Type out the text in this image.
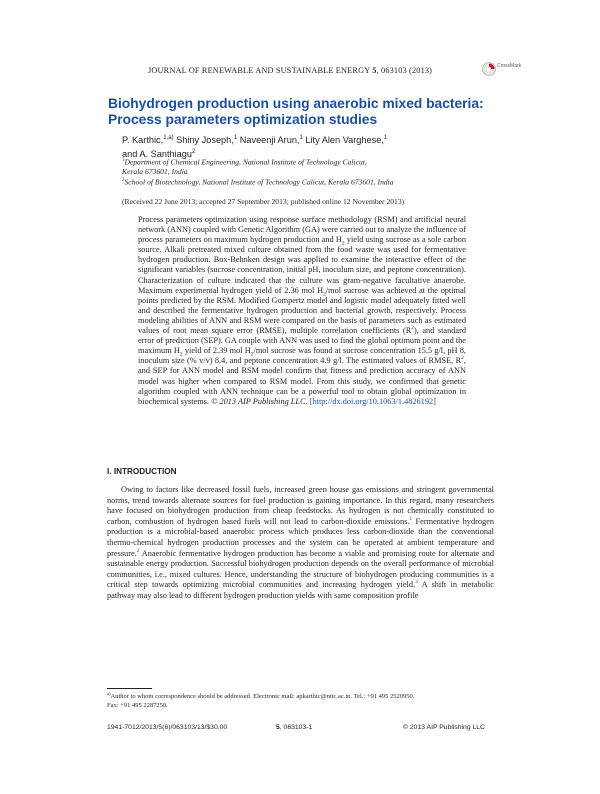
JOURNAL OF RENEWABLE AND SUSTAINABLE ENERGY 5, 063103 (2013)	CrossMark
Biohydrogen production using anaerobic mixed bacteria:
Process parameters optimization studies
P. Karthic,$^{1,a)}$ Shiny Joseph,$^1$ Naveenji Arun,$^1$ Lity Alen Varghese,$^1$
and A. Santhiagu$^2$
$^1$Department of Chemical Engineering, National Institute of Technology Calicut,
Kerala 673601, India
$^2$School of Biotechnology, National Institute of Technology Calicut, Kerala 673601, India
(Received 22 June 2013; accepted 27 September 2013; published online 12 November 2013)
Process parameters optimization using response surface methodology (RSM) and artificial neural network (ANN) coupled with Genetic Algorithm (GA) were carried out to analyze the influence of process parameters on maximum hydrogen production and $H_2$ yield using sucrose as a sole carbon source. Alkali pretreated mixed culture obtained from the food waste was used for fermentative hydrogen production. Box-Behnken design was applied to examine the interactive effect of the significant variables (sucrose concentration, initial pH, inoculum size, and peptone concentration). Characterization of culture indicated that the culture was gram-negative facultative anaerobe. Maximum experimental hydrogen yield of 2.36 mol $H_2$/mol sucrose was achieved at the optimal points predicted by the RSM. Modified Gompertz model and logistic model adequately fitted well and described the fermentative hydrogen production and bacterial growth, respectively. Process modeling abilities of ANN and RSM were compared on the basis of parameters such as estimated values of root mean square error (RMSE), multiple correlation coefficients $(R^2)$, and standard error of prediction (SEP). GA couple with ANN was used to find the global optimum point and the maximum $H_2$ yield of 2.39 mol $H_2$/mol sucrose was found at sucrose concentration 15.5 g/l, pH 8, inoculum size (% v/v) 8.4, and peptone concentration 4.9 g/l. The estimated values of RMSE, $R^2$, and SEP for ANN model and RSM model confirm that fitness and prediction accuracy of ANN model was higher when compared to RSM model. From this study, we confirmed that genetic algorithm coupled with ANN technique can be a powerful tool to obtain global optimization in biochemical systems. © 2013 AIP Publishing LLC. [http://dx.doi.org/10.1063/1.4826192]
I. INTRODUCTION

Owing to factors like decreased fossil fuels, increased green house gas emissions and stringent governmental norms, trend towards alternate sources for fuel production is gaining importance. In this regard, many researchers have focused on biohydrogen production from cheap feedstocks. As hydrogen is not chemically constituted to carbon, combustion of hydrogen based fuels will not lead to carbon-dioxide emissions.$^1$ Fermentative hydrogen production is a microbial-based anaerobic process which produces less carbon-dioxide than the conventional thermo-chemical hydrogen production processes and the system can be operated at ambient temperature and pressure.$^2$ Anaerobic fermentative hydrogen production has become a viable and promising route for alternate and sustainable energy production. Successful biohydrogen production depends on the overall performance of microbial communities, i.e., mixed cultures. Hence, understanding the structure of biohydrogen producing communities is a critical step towards optimizing microbial communities and increasing hydrogen yield.$^3$ A shift in metabolic pathway may also lead to different hydrogen production yields with same composition profile

$^{a)}$Author to whom correspondence should be addressed. Electronic mail: apkarthic@nitc.ac.in. Tel.: +91 495 2520950.
Fax: +91 495 2287250.
1941-7012/2013/5(6)/063103/13/$30.00	5, 063103-1	© 2013 AIP Publishing LLC
